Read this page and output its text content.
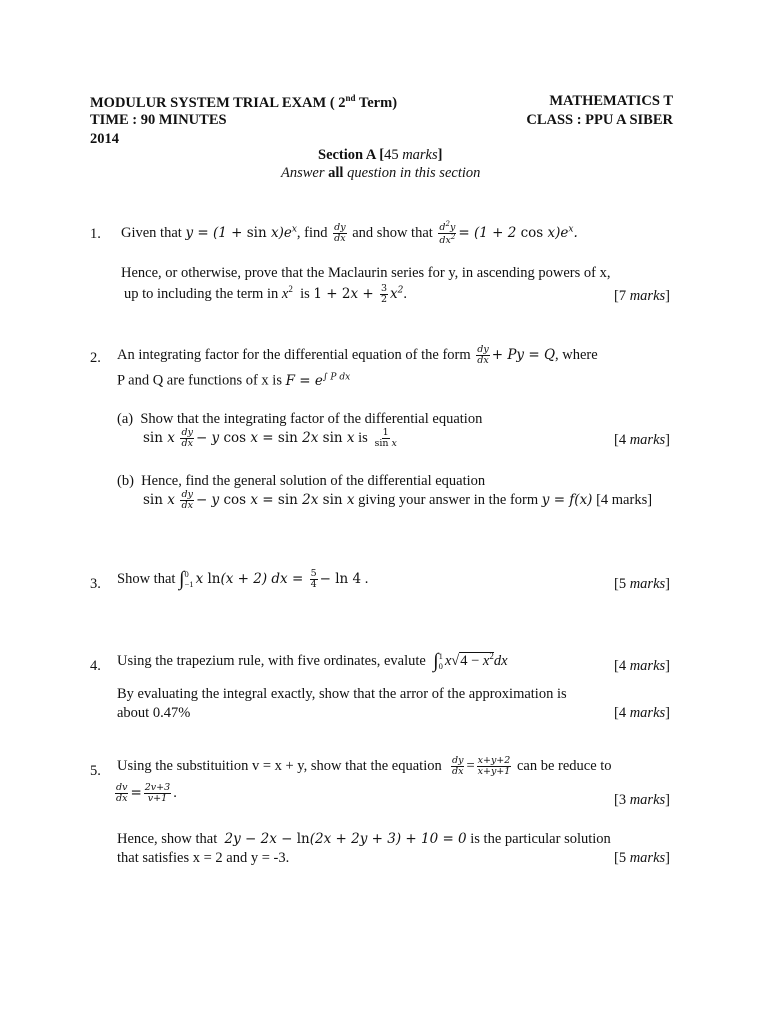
MODULUR SYSTEM TRIAL EXAM ( 2nd Term)
TIME : 90 MINUTES
2014
MATHEMATICS T
CLASS : PPU A SIBER
Section A [45 marks]
Answer all question in this section
1. Given that $y = (1 + \sin x)e^x$, find $\frac{dy}{dx}$ and show that $\frac{d^2y}{dx^2} = (1 + 2$ $\cos x)e^x$.
Hence, or otherwise, prove that the Maclaurin series for y, in ascending powers of x,
up to including the term in $x^2$ is $1 + 2x + \frac{3}{2} x^2$.	[7 marks]
2. An integrating factor for the differential equation of the form $\frac{dy}{dx} + Py = Q$, where
P and Q are functions of x is $F = e^{\int P dx}$
(a) Show that the integrating factor of the differential equation
sin x $\frac{dy}{dx} - y$ cos x = sin 2x sin x is $\frac{1}{\text{sin x}}$	[4 marks]
(b) Hence, find the general solution of the differential equation
sin x $\frac{dy}{dx} - y$ cos x = sin 2x sin x giving your answer in the form y = f(x) [4 marks]
3. Show that ∫ 0
−1 x ln(x + 2) dx = $\frac{5}{4} - \ln 4$ .	[5 marks]
4. Using the trapezium rule, with five ordinates, evalute ∫ 1
0 $x√4 - x^2dx$	[4 marks]
By evaluating the integral exactly, show that the arror of the approximation is
about 0.47%	[4 marks]
5. Using the substituition v = x + y, show that the equation $\frac{dy}{dx} = \frac{x+y+2}{x+y+1}$ can be reduce to
$\frac{dv}{dx} = \frac{2v+3}{v+1}$ .	[3 marks]
Hence, show that 2y − 2x − ln(2x + 2y + 3) + 10 = 0 is the particular solution
that satisfies x = 2 and y = -3.	[5 marks]
